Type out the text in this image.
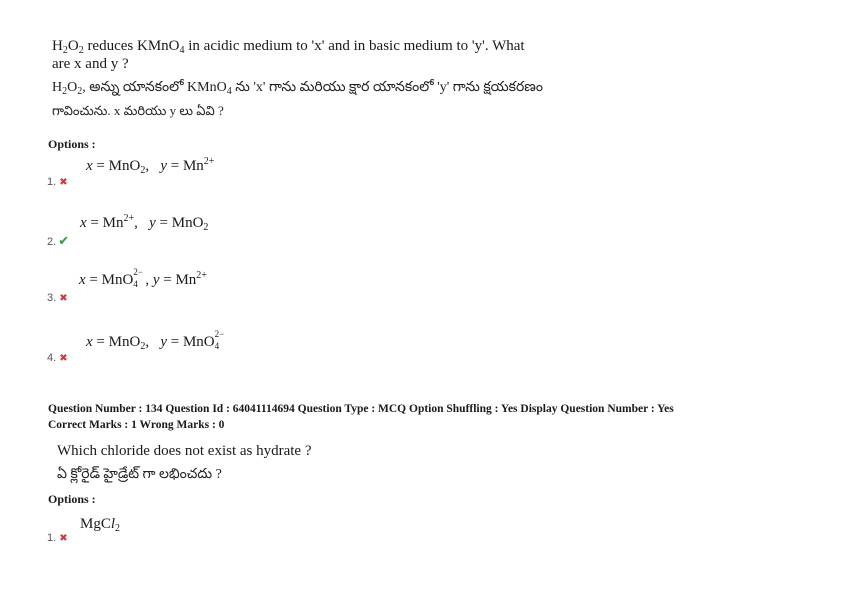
$H_2O_2$ reduces KMnO$_4$ in acidic medium to 'x' and in basic medium to 'y'. What
are x and y ?
$H_2O_2$, అన్ను యానకంలో KMnO$_4$ ను 'x' గాను మరియు క్షార యానకంలో 'y' గాను క్షయకరణం
గావించును. x మరియు y లు ఏవి ?
Options :
x = MnO$_2$,   $y = Mn^{2+}$
1. ✖
$x = Mn^{2+}$,   y = MnO$_2$
2. ✔
x = MnO
2−
4 , $y = Mn^{2+}$
3. ✖
x = MnO$_2$,   y = MnO
2−
4
4. ✖
Question Number : 134 Question Id : 64041114694 Question Type : MCQ Option Shuffling : Yes Display Question Number : Yes
Correct Marks : 1 Wrong Marks : 0
Which chloride does not exist as hydrate ?
ఏ క్లోరైడ్ హైడ్రేట్ గా లభించదు ?
Options :
MgCl$_2$
1. ✖
